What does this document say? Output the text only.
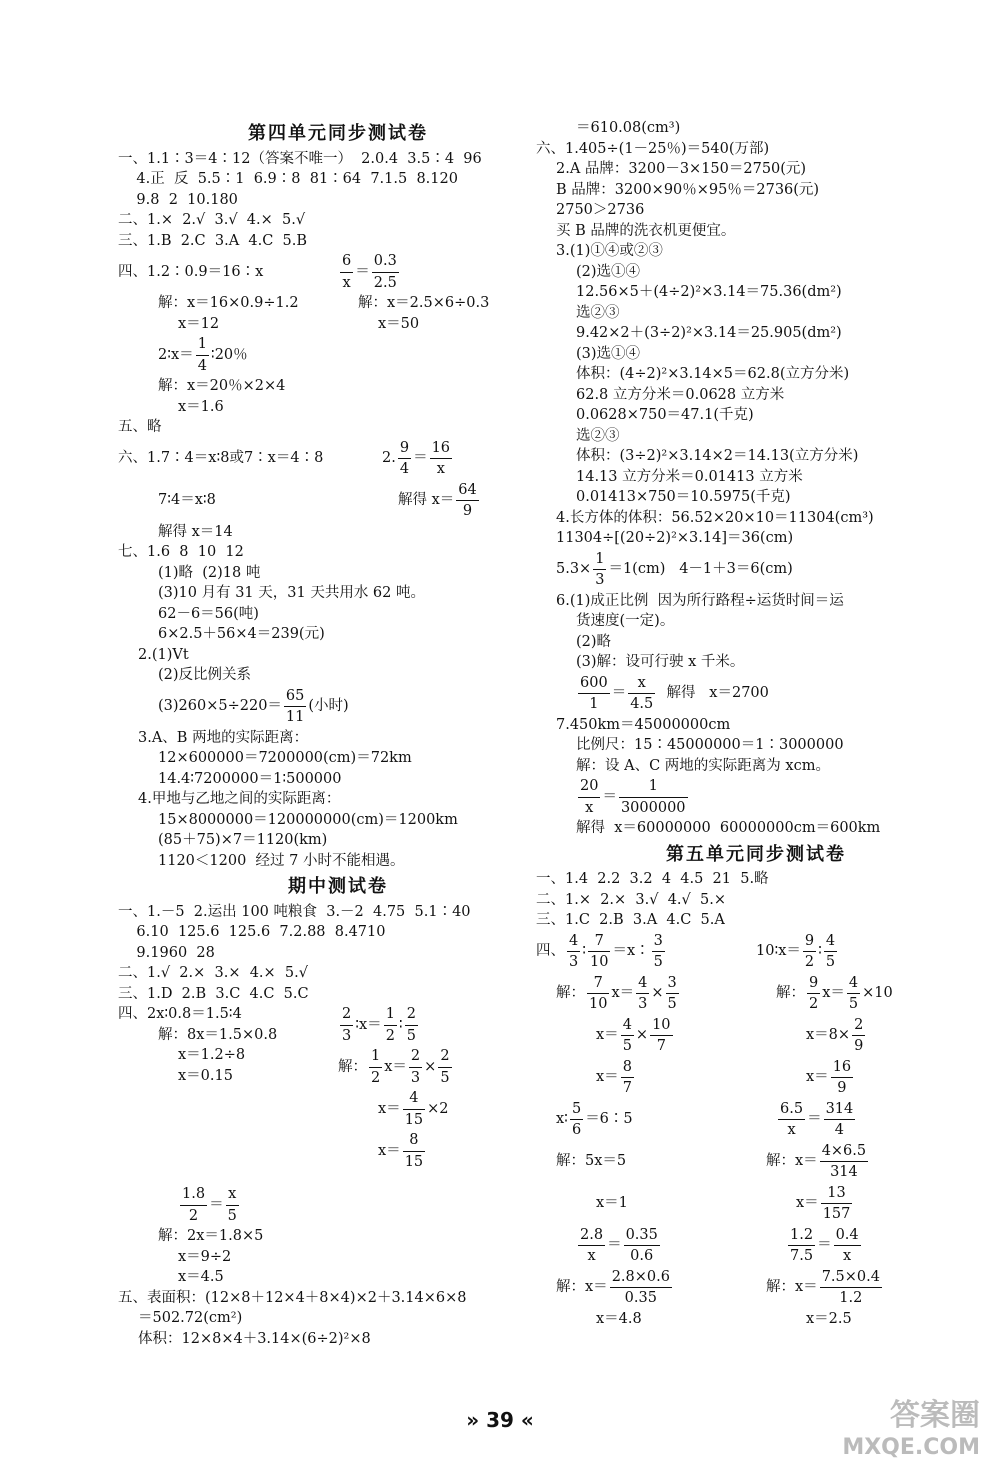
第四单元同步测试卷
一、1.1∶3＝4∶12（答案不唯一）  2.0.4  3.5∶4  96
4.正  反  5.5∶1  6.9∶8  81∶64  7.1.5  8.120
9.8  2  10.180
二、1.×  2.√  3.√  4.×  5.√
三、1.B  2.C  3.A  4.C  5.B
四、1.2∶0.9＝16∶x	$\frac{6}{x} = \frac{0.3}{2.5}$
解：x＝16×0.9÷1.2	解：x＝2.5×6÷0.3
x＝12	x＝50
2∶x＝ $\frac{1}{4}$ ∶20％
解：x＝20％×2×4
x＝1.6
五、略
六、1.7∶4＝x∶8或7∶x＝4∶8	2. $\frac{9}{4} = \frac{16}{x}$
7∶4＝x∶8	解得 $x= \frac{64}{9}$
解得 x＝14
七、1.6  8  10  12
(1)略  (2)18 吨
(3)10 月有 31 天，31 天共用水 62 吨。
62－6＝56(吨)
6×2.5＋56×4＝239(元)
2.(1)Vt
(2)反比例关系
$(3)260\times 5\div 220= \frac{65}{11}$ (小时)
3.A、B 两地的实际距离：
12×600000＝7200000(cm)＝72km
14.4∶7200000＝1∶500000
4.甲地与乙地之间的实际距离：
15×8000000＝120000000(cm)＝1200km
(85＋75)×7＝1120(km)
1120＜1200  经过 7 小时不能相遇。
期中测试卷
一、1.－5  2.运出 100 吨粮食  3.－2  4.75  5.1∶40
6.10  125.6  125.6  7.2.88  8.4710
9.1960  28
二、1.√  2.×  3.×  4.×  5.√
三、1.D  2.B  3.C  4.C  5.C
四、2x∶0.8＝1.5∶4
解：8x＝1.5×0.8
x＝1.2÷8
x＝0.15
$\frac{2}{3}$ ∶x＝ $\frac{1}{2}$ ∶ $\frac{2}{5}$
解： $\frac{1}{2} x= \frac{2}{3} \times \frac{2}{5}$
$x= \frac{4}{15} \times 2$
$x= \frac{8}{15}$
$\frac{1.8}{2} = \frac{x}{5}$
解：2x＝1.8×5
x＝9÷2
x＝4.5
五、表面积：(12×8＋12×4＋8×4)×2＋3.14×6×8
＝502.72(cm²)
体积：12×8×4＋3.14×(6÷2)²×8
＝610.08(cm³)
六、1.405÷(1－25％)＝540(万部)
2.A 品牌：3200－3×150＝2750(元)
B 品牌：3200×90％×95％＝2736(元)
2750＞2736
买 B 品牌的洗衣机更便宜。
3.(1)①④或②③
(2)选①④
12.56×5＋(4÷2)²×3.14＝75.36(dm²)
选②③
9.42×2＋(3÷2)²×3.14＝25.905(dm²)
(3)选①④
体积：(4÷2)²×3.14×5＝62.8(立方分米)
62.8 立方分米＝0.0628 立方米
0.0628×750＝47.1(千克)
选②③
体积：(3÷2)²×3.14×2＝14.13(立方分米)
14.13 立方分米＝0.01413 立方米
0.01413×750＝10.5975(千克)
4.长方体的体积：56.52×20×10＝11304(cm³)
11304÷[(20÷2)²×3.14]＝36(cm)
$5.3\times \frac{1}{3} =1(cm)$   4－1＋3＝6(cm)
6.(1)成正比例  因为所行路程÷运货时间＝运
货速度(一定)。
(2)略
(3)解：设可行驶 x 千米。
$\frac{600}{1} = \frac{x}{4.5}$ 解得   x＝2700
7.450km＝45000000cm
比例尺：15∶45000000＝1∶3000000
解：设 A、C 两地的实际距离为 xcm。
$\frac{20}{x} = \frac{1}{3000000}$
解得  x＝60000000  60000000cm＝600km
第五单元同步测试卷
一、1.4  2.2  3.2  4  4.5  21  5.略
二、1.×  2.×  3.√  4.√  5.×
三、1.C  2.B  3.A  4.C  5.A
四、 $\frac{4}{3}$ ∶ $\frac{7}{10}$ ＝x∶ $\frac{3}{5}$	10∶x＝ $\frac{9}{2}$ ∶ $\frac{4}{5}$
解： $\frac{7}{10} x= \frac{4}{3} \times \frac{3}{5}$	解： $\frac{9}{2} x= \frac{4}{5} \times 10$
$x= \frac{4}{5} \times \frac{10}{7}$	$x=8\times \frac{2}{9}$
$x= \frac{8}{7}$	$x= \frac{16}{9}$
x∶ $\frac{5}{6}$ ＝6∶5	$\frac{6.5}{x} = \frac{314}{4}$
解：5x＝5	解：$x= \frac{4\times 6.5}{314}$
x＝1	$x= \frac{13}{157}$
$\frac{2.8}{x} = \frac{0.35}{0.6}$	$\frac{1.2}{7.5} = \frac{0.4}{x}$
解：$x= \frac{2.8\times 0.6}{0.35}$	解：$x= \frac{7.5\times 0.4}{1.2}$
x＝4.8	x＝2.5
» 39 «	答案圈
MXQE.COM
